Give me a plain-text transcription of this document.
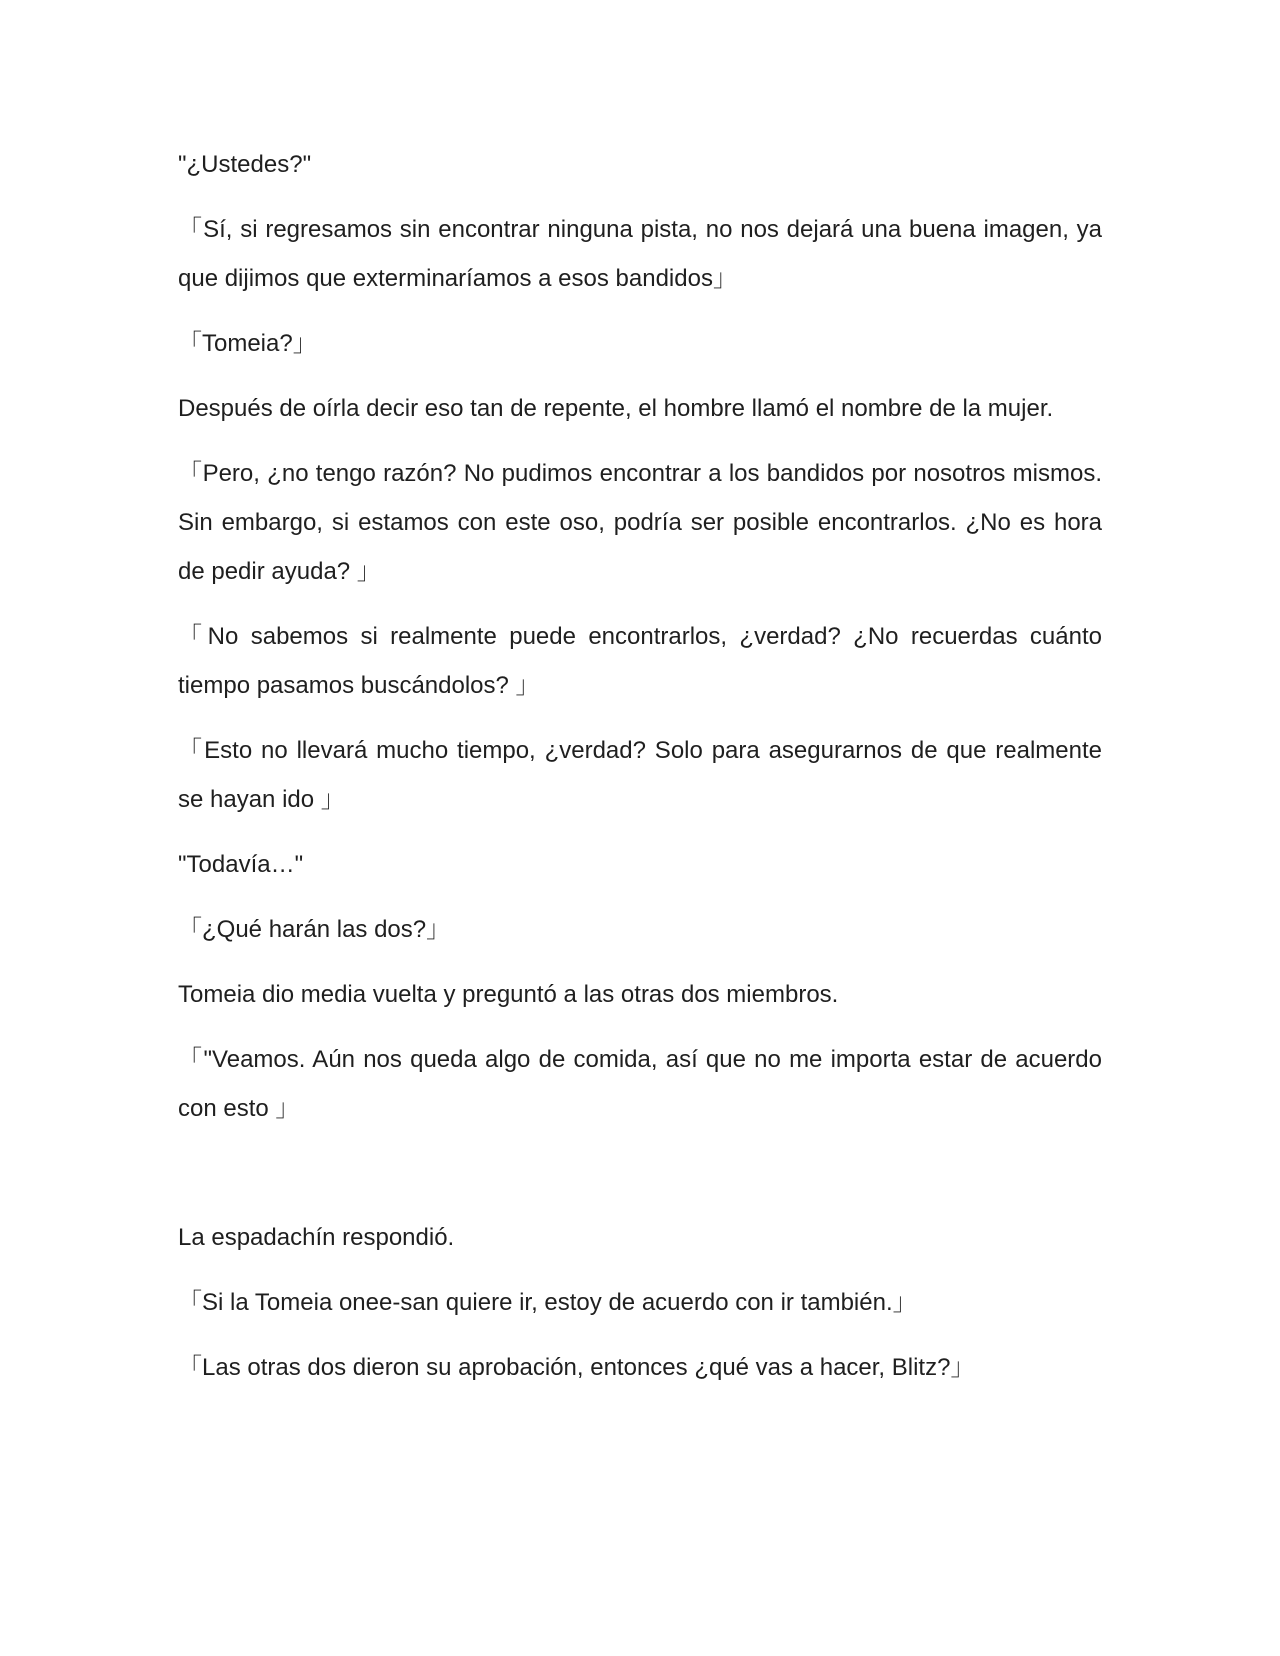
"¿Ustedes?"

「Sí, si regresamos sin encontrar ninguna pista, no nos dejará una buena imagen, ya que dijimos que exterminaríamos a esos bandidos」

「Tomeia?」

Después de oírla decir eso tan de repente, el hombre llamó el nombre de la mujer.

「Pero, ¿no tengo razón? No pudimos encontrar a los bandidos por nosotros mismos. Sin embargo, si estamos con este oso, podría ser posible encontrarlos. ¿No es hora de pedir ayuda? 」

「No sabemos si realmente puede encontrarlos, ¿verdad? ¿No recuerdas cuánto tiempo pasamos buscándolos? 」

「Esto no llevará mucho tiempo, ¿verdad? Solo para asegurarnos de que realmente se hayan ido 」

"Todavía…"

「¿Qué harán las dos?」

Tomeia dio media vuelta y preguntó a las otras dos miembros.

「"Veamos. Aún nos queda algo de comida, así que no me importa estar de acuerdo con esto 」

La espadachín respondió.

「Si la Tomeia onee-san quiere ir, estoy de acuerdo con ir también.」

「Las otras dos dieron su aprobación, entonces ¿qué vas a hacer, Blitz?」
